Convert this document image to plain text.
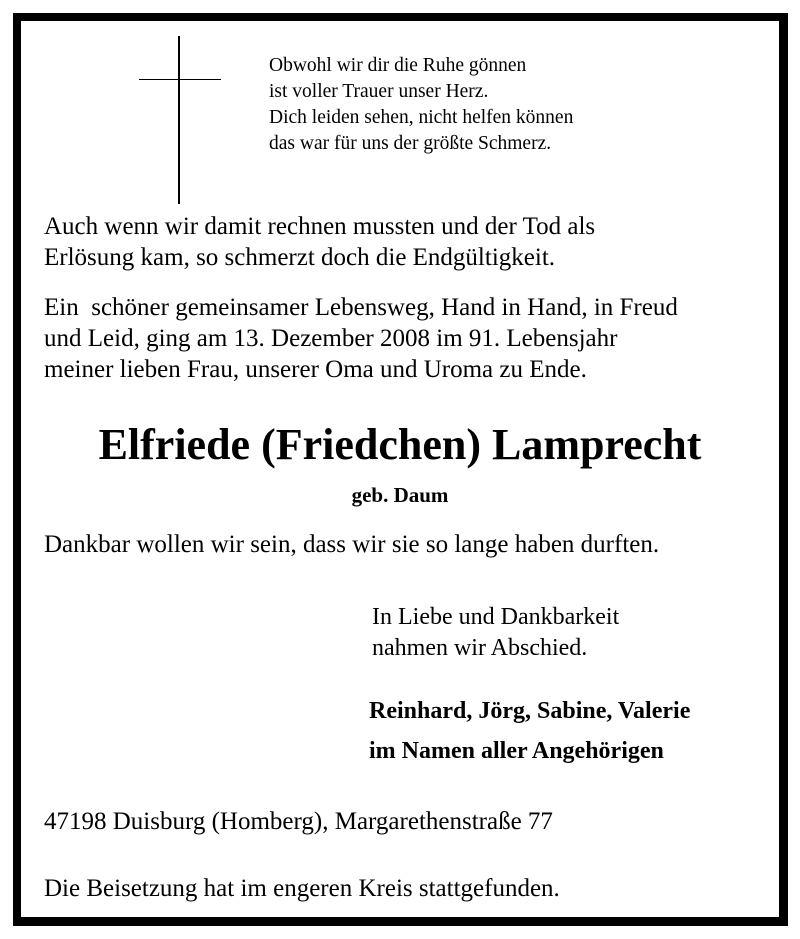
Obwohl wir dir die Ruhe gönnen
ist voller Trauer unser Herz.
Dich leiden sehen, nicht helfen können
das war für uns der größte Schmerz.
Auch wenn wir damit rechnen mussten und der Tod als
Erlösung kam, so schmerzt doch die Endgültigkeit.
Ein  schöner gemeinsamer Lebensweg, Hand in Hand, in Freud
und Leid, ging am 13. Dezember 2008 im 91. Lebensjahr
meiner lieben Frau, unserer Oma und Uroma zu Ende.
Elfriede (Friedchen) Lamprecht
geb. Daum
Dankbar wollen wir sein, dass wir sie so lange haben durften.
In Liebe und Dankbarkeit
nahmen wir Abschied.
Reinhard, Jörg, Sabine, Valerie
im Namen aller Angehörigen
47198 Duisburg (Homberg), Margarethenstraße 77
Die Beisetzung hat im engeren Kreis stattgefunden.
